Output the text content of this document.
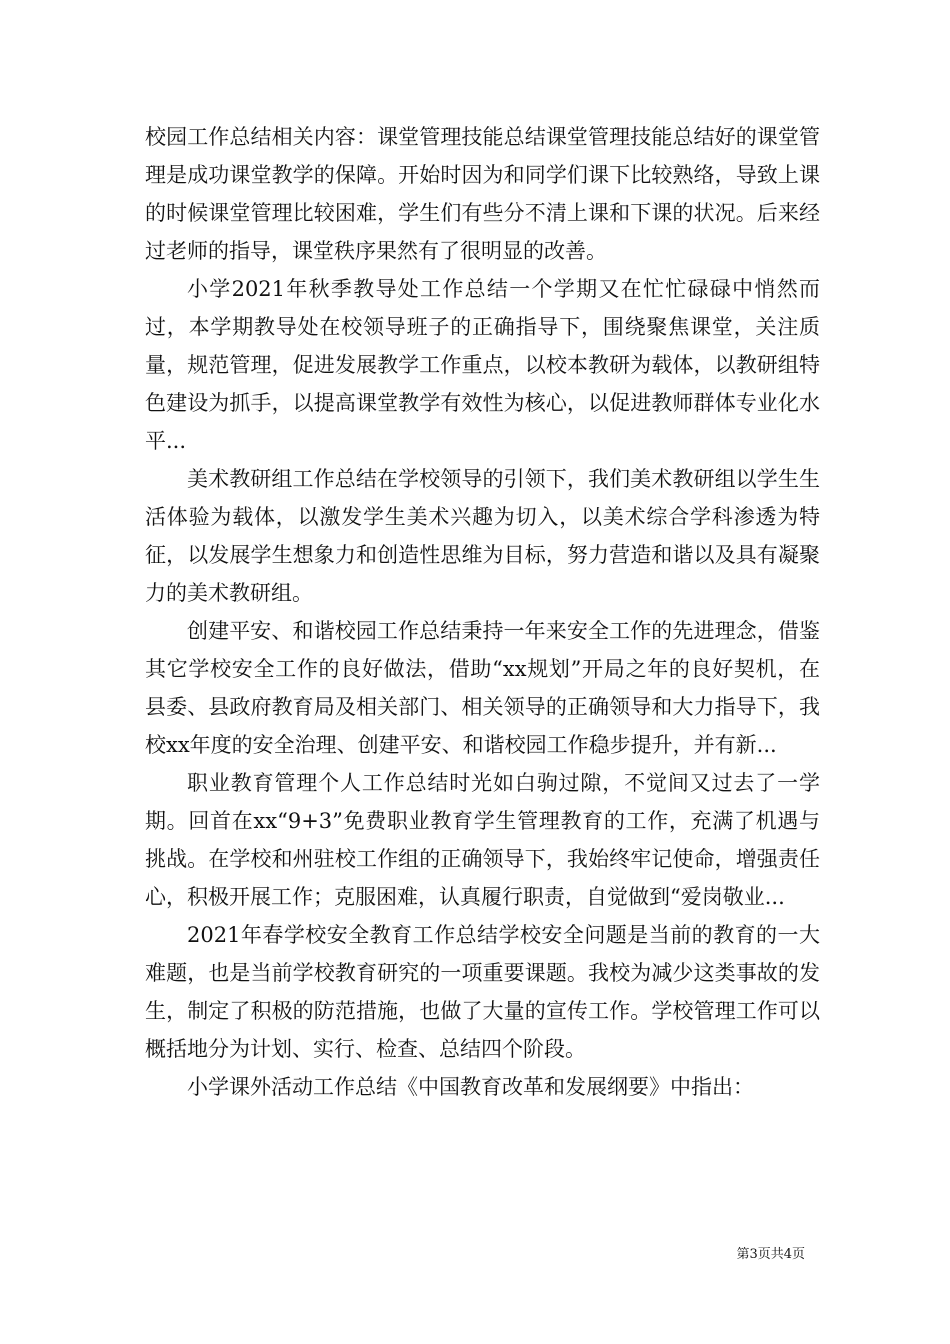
校园工作总结相关内容：课堂管理技能总结课堂管理技能总结好的课堂管理是成功课堂教学的保障。开始时因为和同学们课下比较熟络，导致上课的时候课堂管理比较困难，学生们有些分不清上课和下课的状况。后来经过老师的指导，课堂秩序果然有了很明显的改善。

小学2021年秋季教导处工作总结一个学期又在忙忙碌碌中悄然而过，本学期教导处在校领导班子的正确指导下，围绕聚焦课堂，关注质量，规范管理，促进发展教学工作重点，以校本教研为载体，以教研组特色建设为抓手，以提高课堂教学有效性为核心，以促进教师群体专业化水平...

美术教研组工作总结在学校领导的引领下，我们美术教研组以学生生活体验为载体，以激发学生美术兴趣为切入，以美术综合学科渗透为特征，以发展学生想象力和创造性思维为目标，努力营造和谐以及具有凝聚力的美术教研组。

创建平安、和谐校园工作总结秉持一年来安全工作的先进理念，借鉴其它学校安全工作的良好做法，借助“xx规划”开局之年的良好契机，在县委、县政府教育局及相关部门、相关领导的正确领导和大力指导下，我校xx年度的安全治理、创建平安、和谐校园工作稳步提升，并有新...

职业教育管理个人工作总结时光如白驹过隙，不觉间又过去了一学期。回首在xx“9+3”免费职业教育学生管理教育的工作，充满了机遇与挑战。在学校和州驻校工作组的正确领导下，我始终牢记使命，增强责任心，积极开展工作；克服困难，认真履行职责，自觉做到“爱岗敬业...

2021年春学校安全教育工作总结学校安全问题是当前的教育的一大难题，也是当前学校教育研究的一项重要课题。我校为减少这类事故的发生，制定了积极的防范措施，也做了大量的宣传工作。学校管理工作可以概括地分为计划、实行、检查、总结四个阶段。

小学课外活动工作总结《中国教育改革和发展纲要》中指出：

第3页共4页
